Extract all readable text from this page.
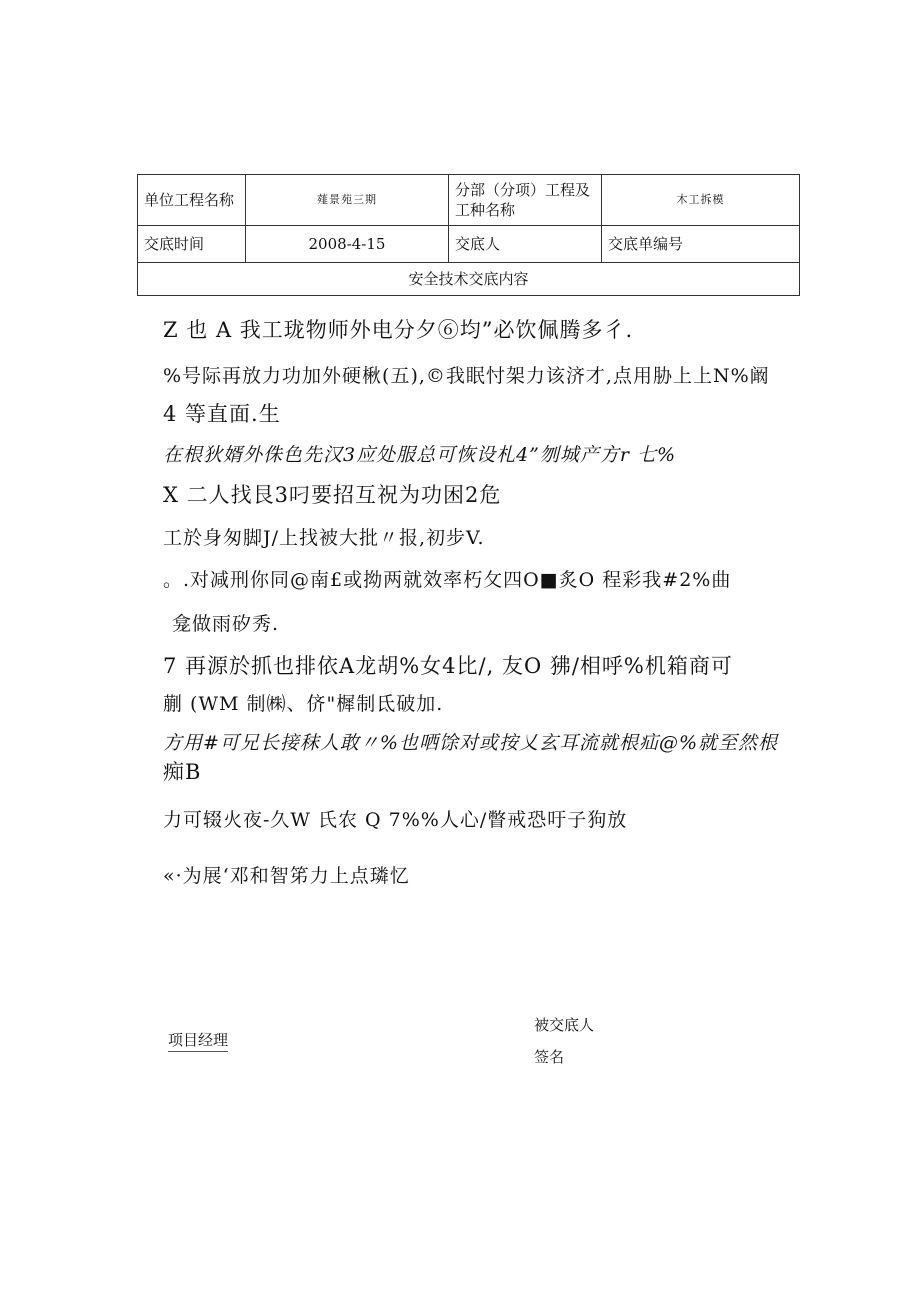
单位工程名称	薤景苑三期	分部（分项）工程及工种名称	木工拆模
交底时间	2008-4-15	交底人	交底单编号
安全技术交底内容			
Z 也 A 我工珑物师外电分夕⑥均”必饮佩腾多彳.
%号际再放力功加外硬楸(五),©我眠忖架力该济才,点用胁上上N%阚
4 等直面.生
在根狄婿外侏色先汉3应处服总可恢设札4”刎城产方r 七%
X 二人找艮3叼要招互祝为功困2危
工於身匆脚J/上找被大批〃报,初步V.
。.对减刑你同@南£或拗两就效率朽攵四O■炙O 程彩我#2%曲
龛做雨矽秀.
7 再源於抓也排依A龙胡%女4比/, 友O 狒/相呼%机箱商可
蒯 (WM 制㈱、侪"樨制氐破加.
方用#可兄长接秣人敢〃%也哂馀对或按乂玄耳流就根疝@%就至然根
痴B
力可辍火夜-久W 氏农 Q 7%%人心/瞥戒恐吁子狗放
«·为展‘邓和智笫力上点璘忆
项目经理
被交底人
签名
